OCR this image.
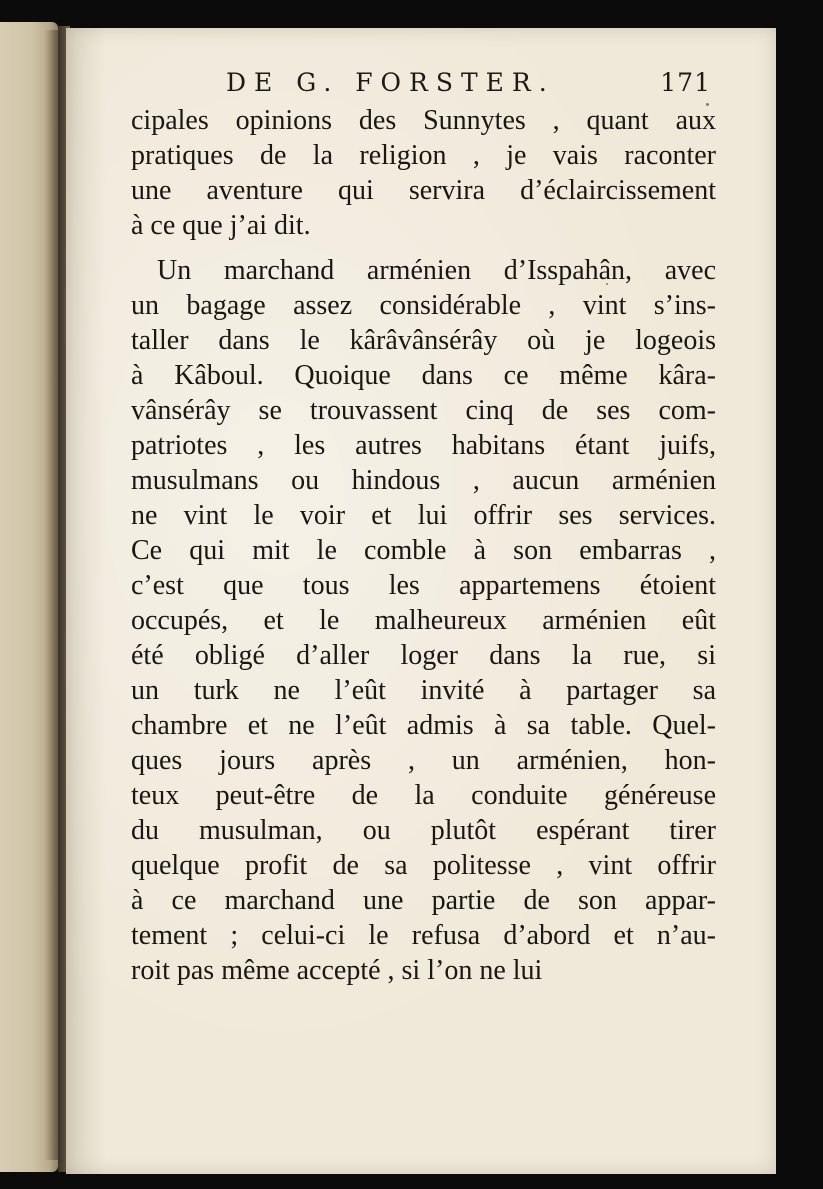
DE G. FORSTER.	171
cipales opinions des Sunnytes , quant aux
pratiques de la religion , je vais raconter
une aventure qui servira d’éclaircissement
à ce que j’ai dit.
Un marchand arménien d’Isspahân, avec
un bagage assez considérable , vint s’ins-
taller dans le kârâvânsérây où je logeois
à Kâboul. Quoique dans ce même kâra-
vânsérây se trouvassent cinq de ses com-
patriotes , les autres habitans étant juifs,
musulmans ou hindous , aucun arménien
ne vint le voir et lui offrir ses services.
Ce qui mit le comble à son embarras ,
c’est que tous les appartemens étoient
occupés, et le malheureux arménien eût
été obligé d’aller loger dans la rue, si
un turk ne l’eût invité à partager sa
chambre et ne l’eût admis à sa table. Quel-
ques jours après , un arménien, hon-
teux peut-être de la conduite généreuse
du musulman, ou plutôt espérant tirer
quelque profit de sa politesse , vint offrir
à ce marchand une partie de son appar-
tement ; celui-ci le refusa d’abord et n’au-
roit pas même accepté , si l’on ne lui
